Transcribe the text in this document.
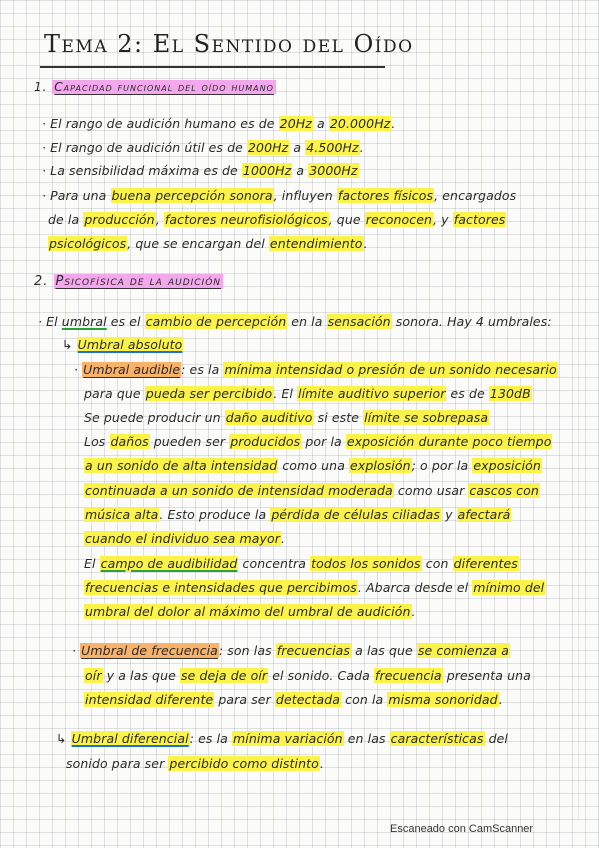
Tema 2: El Sentido del Oído
1. Capacidad funcional del oído humano
· El rango de audición humano es de 20Hz a 20.000Hz.
· El rango de audición útil es de 200Hz a 4.500Hz.
· La sensibilidad máxima es de 1000Hz a 3000Hz
· Para una buena percepción sonora, influyen factores físicos, encargados
de la producción, factores neurofisiológicos, que reconocen, y factores
psicológicos, que se encargan del entendimiento.
2. Psicofísica de la audición
· El umbral es el cambio de percepción en la sensación sonora. Hay 4 umbrales:
↳ Umbral absoluto
· Umbral audible: es la mínima intensidad o presión de un sonido necesario
para que pueda ser percibido. El límite auditivo superior es de 130dB
Se puede producir un daño auditivo si este límite se sobrepasa
Los daños pueden ser producidos por la exposición durante poco tiempo
a un sonido de alta intensidad como una explosión; o por la exposición
continuada a un sonido de intensidad moderada como usar cascos con
música alta. Esto produce la pérdida de células ciliadas y afectará
cuando el individuo sea mayor.
El campo de audibilidad concentra todos los sonidos con diferentes
frecuencias e intensidades que percibimos. Abarca desde el mínimo del
umbral del dolor al máximo del umbral de audición.
· Umbral de frecuencia: son las frecuencias a las que se comienza a
oír y a las que se deja de oír el sonido. Cada frecuencia presenta una
intensidad diferente para ser detectada con la misma sonoridad.
↳ Umbral diferencial: es la mínima variación en las características del
sonido para ser percibido como distinto.
Escaneado con CamScanner
